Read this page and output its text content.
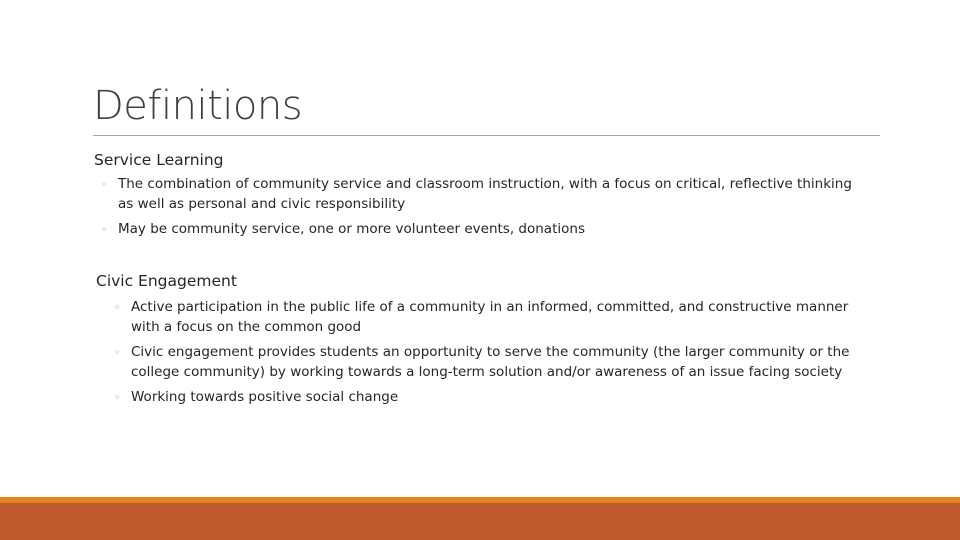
Definitions
Service Learning
◦ The combination of community service and classroom instruction, with a focus on critical, reflective thinking as well as personal and civic responsibility
◦ May be community service, one or more volunteer events, donations
Civic Engagement
◦ Active participation in the public life of a community in an informed, committed, and constructive manner with a focus on the common good
◦ Civic engagement provides students an opportunity to serve the community (the larger community or the college community) by working towards a long-term solution and/or awareness of an issue facing society
◦ Working towards positive social change
